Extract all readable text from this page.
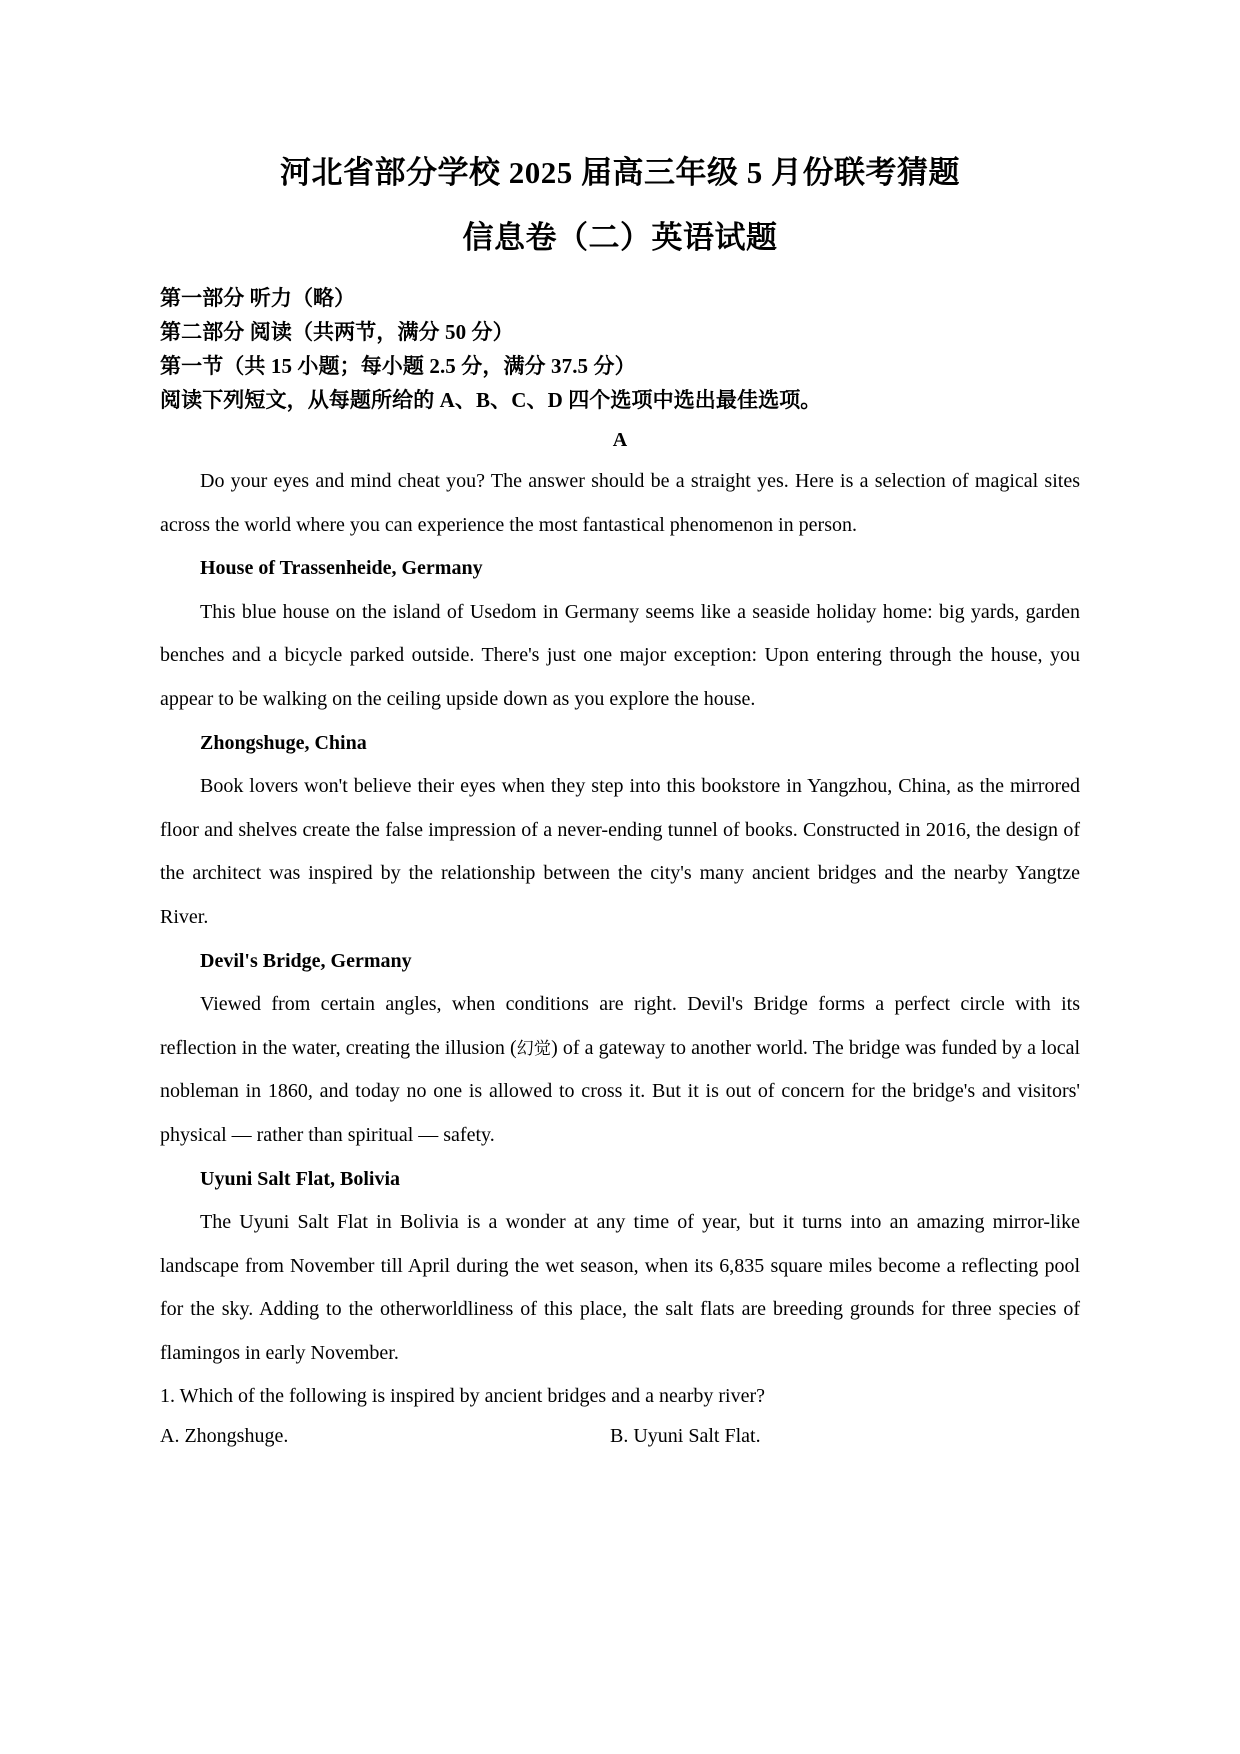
河北省部分学校 2025 届高三年级 5 月份联考猜题
信息卷（二）英语试题

第一部分 听力（略）

第二部分 阅读（共两节，满分 50 分）

第一节（共 15 小题；每小题 2.5 分，满分 37.5 分）

阅读下列短文，从每题所给的 A、B、C、D 四个选项中选出最佳选项。

A

Do your eyes and mind cheat you? The answer should be a straight yes. Here is a selection of magical sites across the world where you can experience the most fantastical phenomenon in person.

House of Trassenheide, Germany

This blue house on the island of Usedom in Germany seems like a seaside holiday home: big yards, garden benches and a bicycle parked outside. There's just one major exception: Upon entering through the house, you appear to be walking on the ceiling upside down as you explore the house.

Zhongshuge, China

Book lovers won't believe their eyes when they step into this bookstore in Yangzhou, China, as the mirrored floor and shelves create the false impression of a never-ending tunnel of books. Constructed in 2016, the design of the architect was inspired by the relationship between the city's many ancient bridges and the nearby Yangtze River.

Devil's Bridge, Germany

Viewed from certain angles, when conditions are right. Devil's Bridge forms a perfect circle with its reflection in the water, creating the illusion (幻觉) of a gateway to another world. The bridge was funded by a local nobleman in 1860, and today no one is allowed to cross it. But it is out of concern for the bridge's and visitors' physical — rather than spiritual — safety.

Uyuni Salt Flat, Bolivia

The Uyuni Salt Flat in Bolivia is a wonder at any time of year, but it turns into an amazing mirror-like landscape from November till April during the wet season, when its 6,835 square miles become a reflecting pool for the sky. Adding to the otherworldliness of this place, the salt flats are breeding grounds for three species of flamingos in early November.

1. Which of the following is inspired by ancient bridges and a nearby river?

A. Zhongshuge.	B. Uyuni Salt Flat.
